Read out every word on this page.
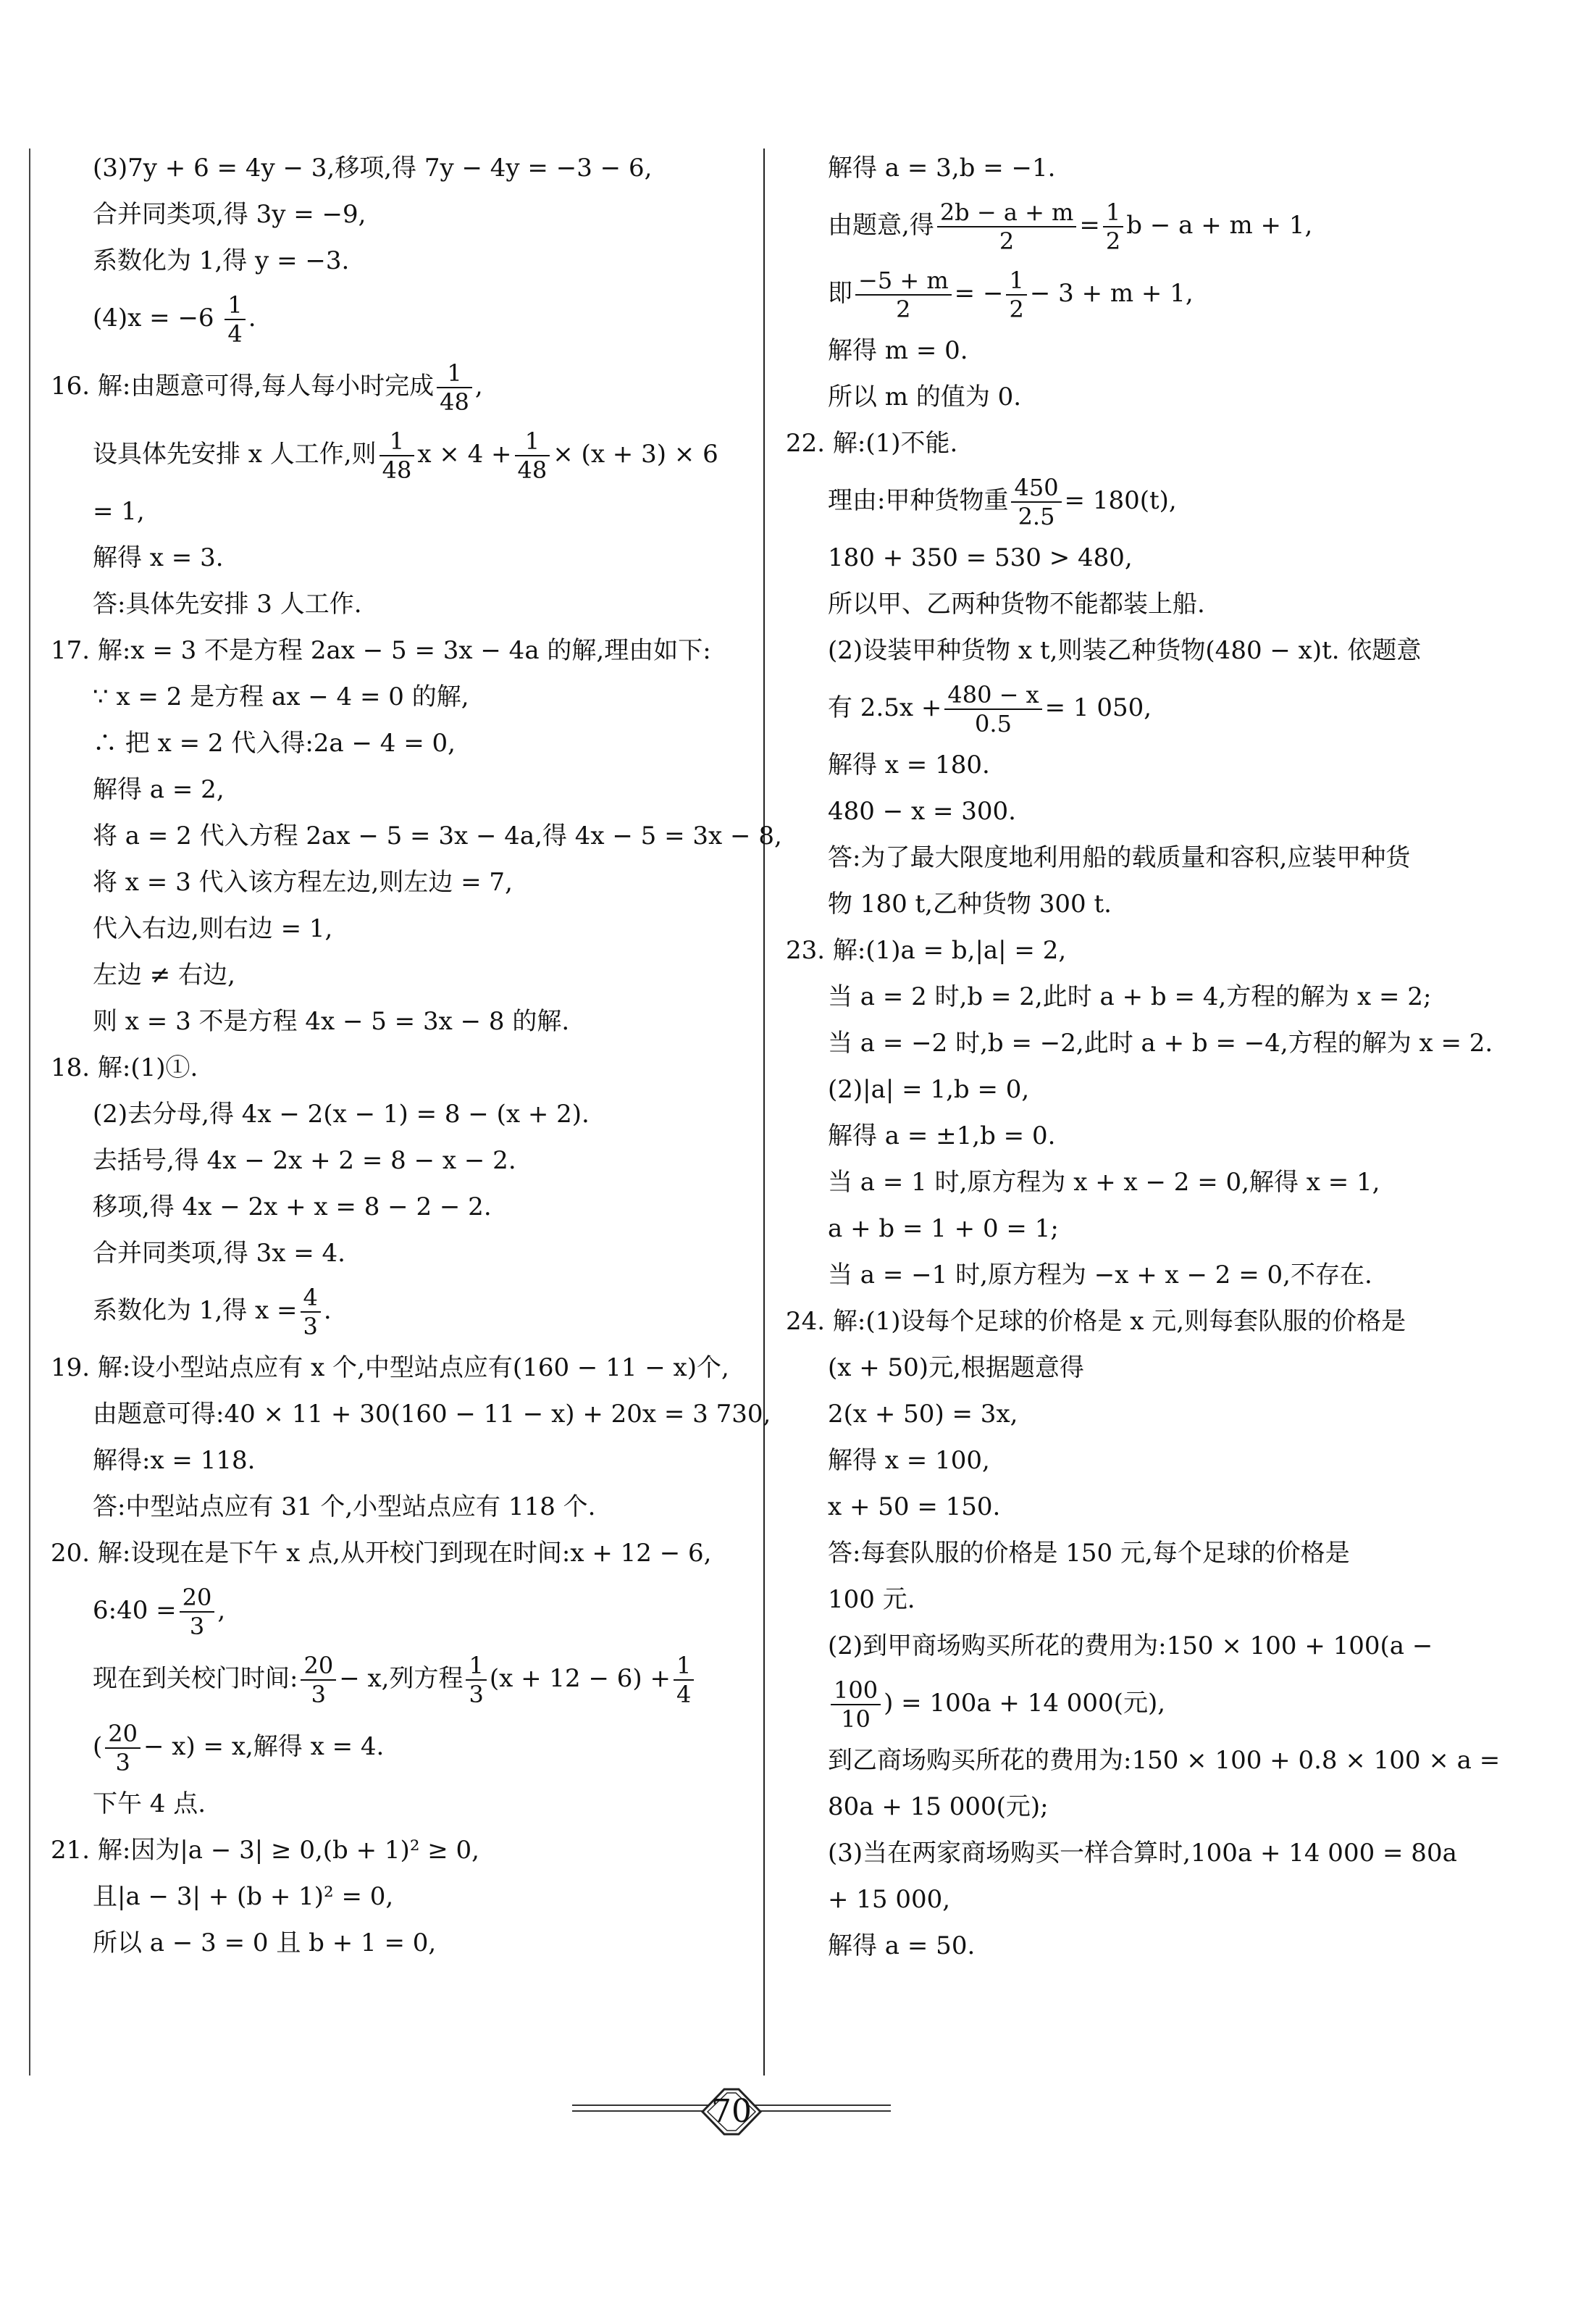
(3)7y + 6 = 4y − 3,移项,得 7y − 4y = −3 − 6,
合并同类项,得 3y = −9,
系数化为 1,得 y = −3.
$(4)x = -6 \frac{1}{4}$ .
16. 解:由题意可得,每人每小时完成 $\frac{1}{48}$ ,
设具体先安排 x 人工作,则 $\frac{1}{48}$ $x \times 4 + \frac{1}{48} \times (x + 3) \times 6$
= 1,
解得 x = 3.
答:具体先安排 3 人工作.
17. 解:x = 3 不是方程 2ax − 5 = 3x − 4a 的解,理由如下:
∵ x = 2 是方程 ax − 4 = 0 的解,
∴ 把 x = 2 代入得:2a − 4 = 0,
解得 a = 2,
将 a = 2 代入方程 2ax − 5 = 3x − 4a,得 4x − 5 = 3x − 8,
将 x = 3 代入该方程左边,则左边 = 7,
代入右边,则右边 = 1,
左边 ≠ 右边,
则 x = 3 不是方程 4x − 5 = 3x − 8 的解.
18. 解:(1)①.
(2)去分母,得 4x − 2(x − 1) = 8 − (x + 2).
去括号,得 4x − 2x + 2 = 8 − x − 2.
移项,得 4x − 2x + x = 8 − 2 − 2.
合并同类项,得 3x = 4.
系数化为 1,得 $x = \frac{4}{3}$ .
19. 解:设小型站点应有 x 个,中型站点应有(160 − 11 − x)个,
由题意可得:40 × 11 + 30(160 − 11 − x) + 20x = 3 730,
解得:x = 118.
答:中型站点应有 31 个,小型站点应有 118 个.
20. 解:设现在是下午 x 点,从开校门到现在时间:x + 12 − 6,
6:40 = $\frac{20}{3}$ ,
现在到关校门时间: $\frac{20}{3} - x$,列方程 $\frac{1}{3} (x + 12 - 6) + \frac{1}{4}$
( $\frac{20}{3} - x) = x$,解得 x = 4.
下午 4 点.
21. 解:因为|a − 3| ≥ 0,(b + 1)² ≥ 0,
且|a − 3| + (b + 1)² = 0,
所以 a − 3 = 0 且 b + 1 = 0,
解得 a = 3,b = −1.
由题意,得 $\frac{2b - a + m}{2} = \frac{1}{2}$ b − a + m + 1,
即 $\frac{-5 + m}{2}$ = − $\frac{1}{2} - 3 + m + 1$,
解得 m = 0.
所以 m 的值为 0.
22. 解:(1)不能.
理由:甲种货物重 $\frac{450}{2.5} = 180(t)$,
180 + 350 = 530 > 480,
所以甲、乙两种货物不能都装上船.
(2)设装甲种货物 x t,则装乙种货物(480 − x)t. 依题意
有 $2.5x + \frac{480 - x}{0.5} = 1$ 050,
解得 x = 180.
480 − x = 300.
答:为了最大限度地利用船的载质量和容积,应装甲种货
物 180 t,乙种货物 300 t.
23. 解:(1)a = b,|a| = 2,
当 a = 2 时,b = 2,此时 a + b = 4,方程的解为 x = 2;
当 a = −2 时,b = −2,此时 a + b = −4,方程的解为 x = 2.
(2)|a| = 1,b = 0,
解得 a = ±1,b = 0.
当 a = 1 时,原方程为 x + x − 2 = 0,解得 x = 1,
a + b = 1 + 0 = 1;
当 a = −1 时,原方程为 −x + x − 2 = 0,不存在.
24. 解:(1)设每个足球的价格是 x 元,则每套队服的价格是
(x + 50)元,根据题意得
2(x + 50) = 3x,
解得 x = 100,
x + 50 = 150.
答:每套队服的价格是 150 元,每个足球的价格是
100 元.
(2)到甲商场购买所花的费用为:150 × 100 + 100(a −
$\frac{100}{10}$ ) = 100a + 14 000(元),
到乙商场购买所花的费用为:150 × 100 + 0.8 × 100 × a =
80a + 15 000(元);
(3)当在两家商场购买一样合算时,100a + 14 000 = 80a
+ 15 000,
解得 a = 50.
70
